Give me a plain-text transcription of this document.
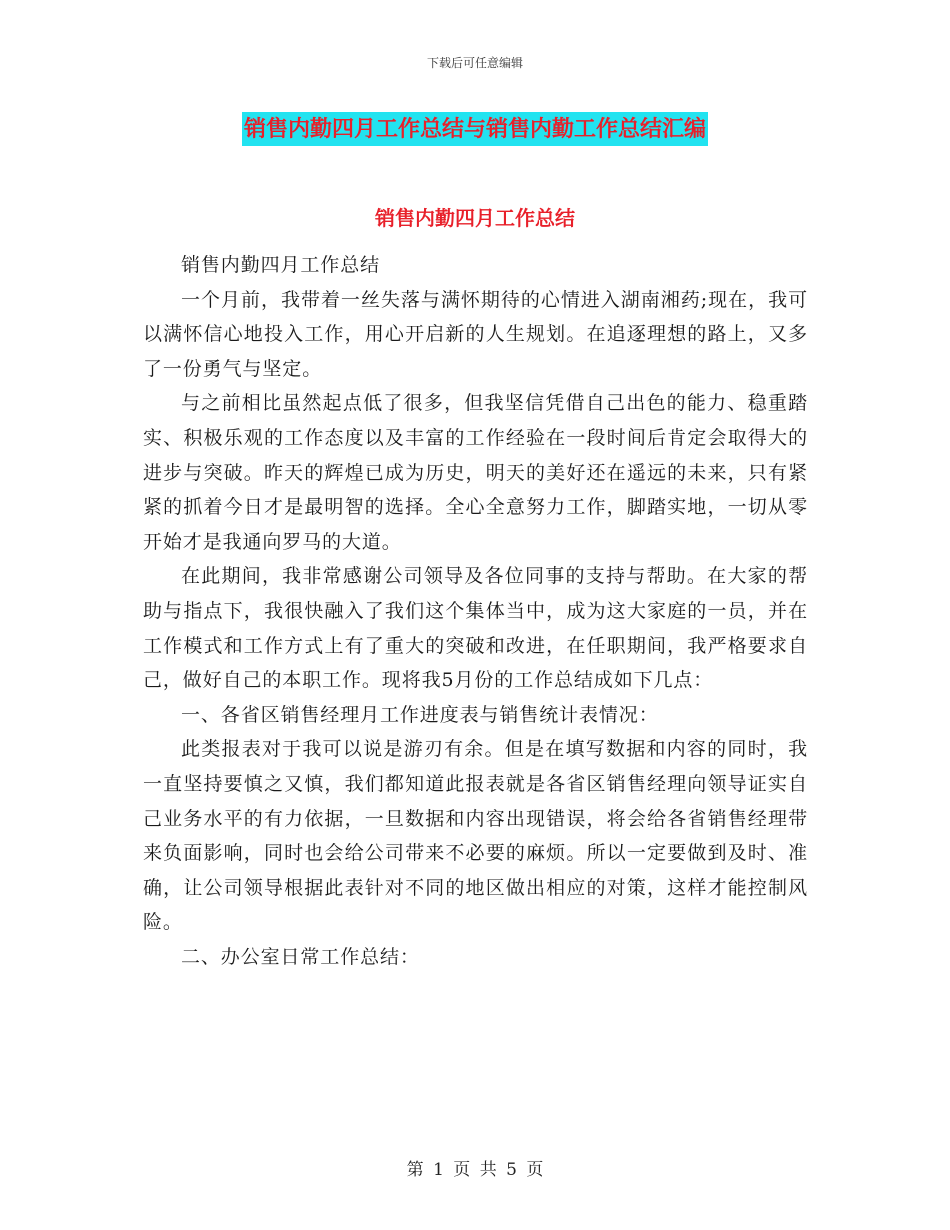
下载后可任意编辑
销售内勤四月工作总结与销售内勤工作总结汇编
销售内勤四月工作总结

销售内勤四月工作总结

一个月前，我带着一丝失落与满怀期待的心情进入湖南湘药;现在，我可以满怀信心地投入工作，用心开启新的人生规划。在追逐理想的路上，又多了一份勇气与坚定。

与之前相比虽然起点低了很多，但我坚信凭借自己出色的能力、稳重踏实、积极乐观的工作态度以及丰富的工作经验在一段时间后肯定会取得大的进步与突破。昨天的辉煌已成为历史，明天的美好还在遥远的未来，只有紧紧的抓着今日才是最明智的选择。全心全意努力工作，脚踏实地，一切从零开始才是我通向罗马的大道。

在此期间，我非常感谢公司领导及各位同事的支持与帮助。在大家的帮助与指点下，我很快融入了我们这个集体当中，成为这大家庭的一员，并在工作模式和工作方式上有了重大的突破和改进，在任职期间，我严格要求自己，做好自己的本职工作。现将我5月份的工作总结成如下几点：

一、各省区销售经理月工作进度表与销售统计表情况：

此类报表对于我可以说是游刃有余。但是在填写数据和内容的同时，我一直坚持要慎之又慎，我们都知道此报表就是各省区销售经理向领导证实自己业务水平的有力依据，一旦数据和内容出现错误，将会给各省销售经理带来负面影响，同时也会给公司带来不必要的麻烦。所以一定要做到及时、准确，让公司领导根据此表针对不同的地区做出相应的对策，这样才能控制风险。

二、办公室日常工作总结：

第 1 页 共 5 页
